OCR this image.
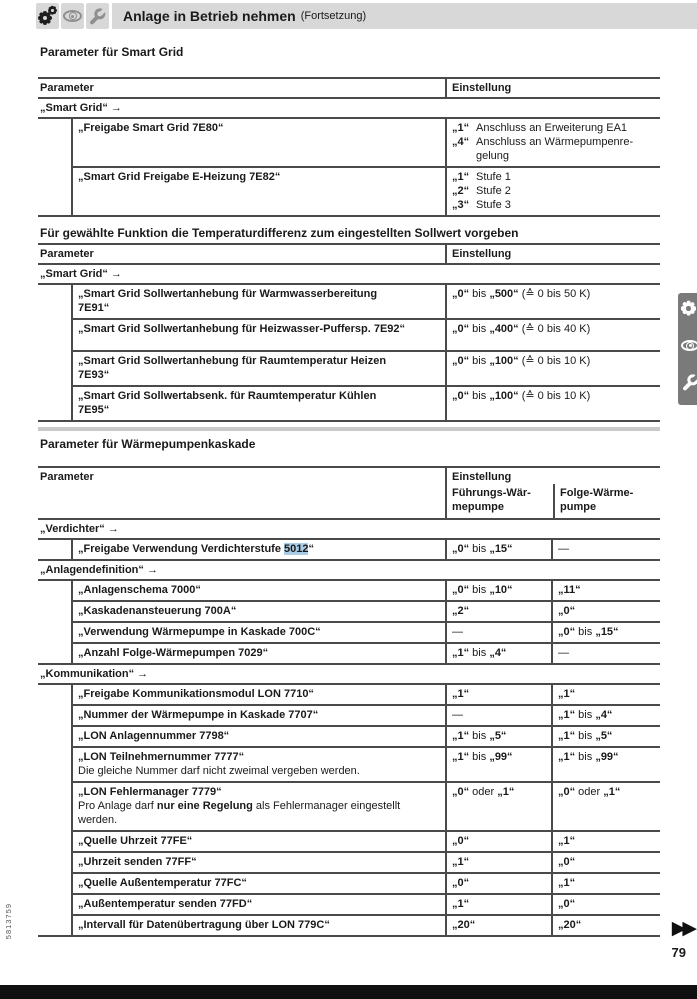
Anlage in Betrieb nehmen (Fortsetzung)
Parameter für Smart Grid
Parameter	Einstellung
„Smart Grid“ →
„Freigabe Smart Grid 7E80“	„1“ Anschluss an Erweiterung EA1
„4“ Anschluss an Wärmepumpenregelung
„Smart Grid Freigabe E-Heizung 7E82“	„1“ Stufe 1
„2“ Stufe 2
„3“ Stufe 3
Für gewählte Funktion die Temperaturdifferenz zum eingestellten Sollwert vorgeben
Parameter	Einstellung
„Smart Grid“ →
„Smart Grid Sollwertanhebung für Warmwasserbereitung 7E91“
„0“ bis „500“ (≙ 0 bis 50 K)
„Smart Grid Sollwertanhebung für Heizwasser-Puffersp. 7E92“	„0“ bis „400“ (≙ 0 bis 40 K)
„Smart Grid Sollwertanhebung für Raumtemperatur Heizen 7E93“
„0“ bis „100“ (≙ 0 bis 10 K)
„Smart Grid Sollwertabsenk. für Raumtemperatur Kühlen 7E95“
„0“ bis „100“ (≙ 0 bis 10 K)
Parameter für Wärmepumpenkaskade
Parameter	Einstellung
Führungs-Wär-
mepumpe
Folge-Wärme-
pumpe
„Verdichter“ →
„Freigabe Verwendung Verdichterstufe 5012“	„0“ bis „15“	—
„Anlagendefinition“ →
„Anlagenschema 7000“	„0“ bis „10“	„11“
„Kaskadenansteuerung 700A“	„2“	„0“
„Verwendung Wärmepumpe in Kaskade 700C“	—	„0“ bis „15“
„Anzahl Folge-Wärmepumpen 7029“	„1“ bis „4“	—
„Kommunikation“ →
„Freigabe Kommunikationsmodul LON 7710“	„1“	„1“
„Nummer der Wärmepumpe in Kaskade 7707“	—	„1“ bis „4“
„LON Anlagennummer 7798“	„1“ bis „5“	„1“ bis „5“
„LON Teilnehmernummer 7777“
Die gleiche Nummer darf nicht zweimal vergeben werden.
„1“ bis „99“	„1“ bis „99“
„LON Fehlermanager 7779“
Pro Anlage darf nur eine Regelung als Fehlermanager eingestellt werden.
„0“ oder „1“	„0“ oder „1“
„Quelle Uhrzeit 77FE“	„0“	„1“
„Uhrzeit senden 77FF“	„1“	„0“
„Quelle Außentemperatur 77FC“	„0“	„1“
„Außentemperatur senden 77FD“	„1“	„0“
„Intervall für Datenübertragung über LON 779C“	„20“	„20“
5813759	▶▶
79
